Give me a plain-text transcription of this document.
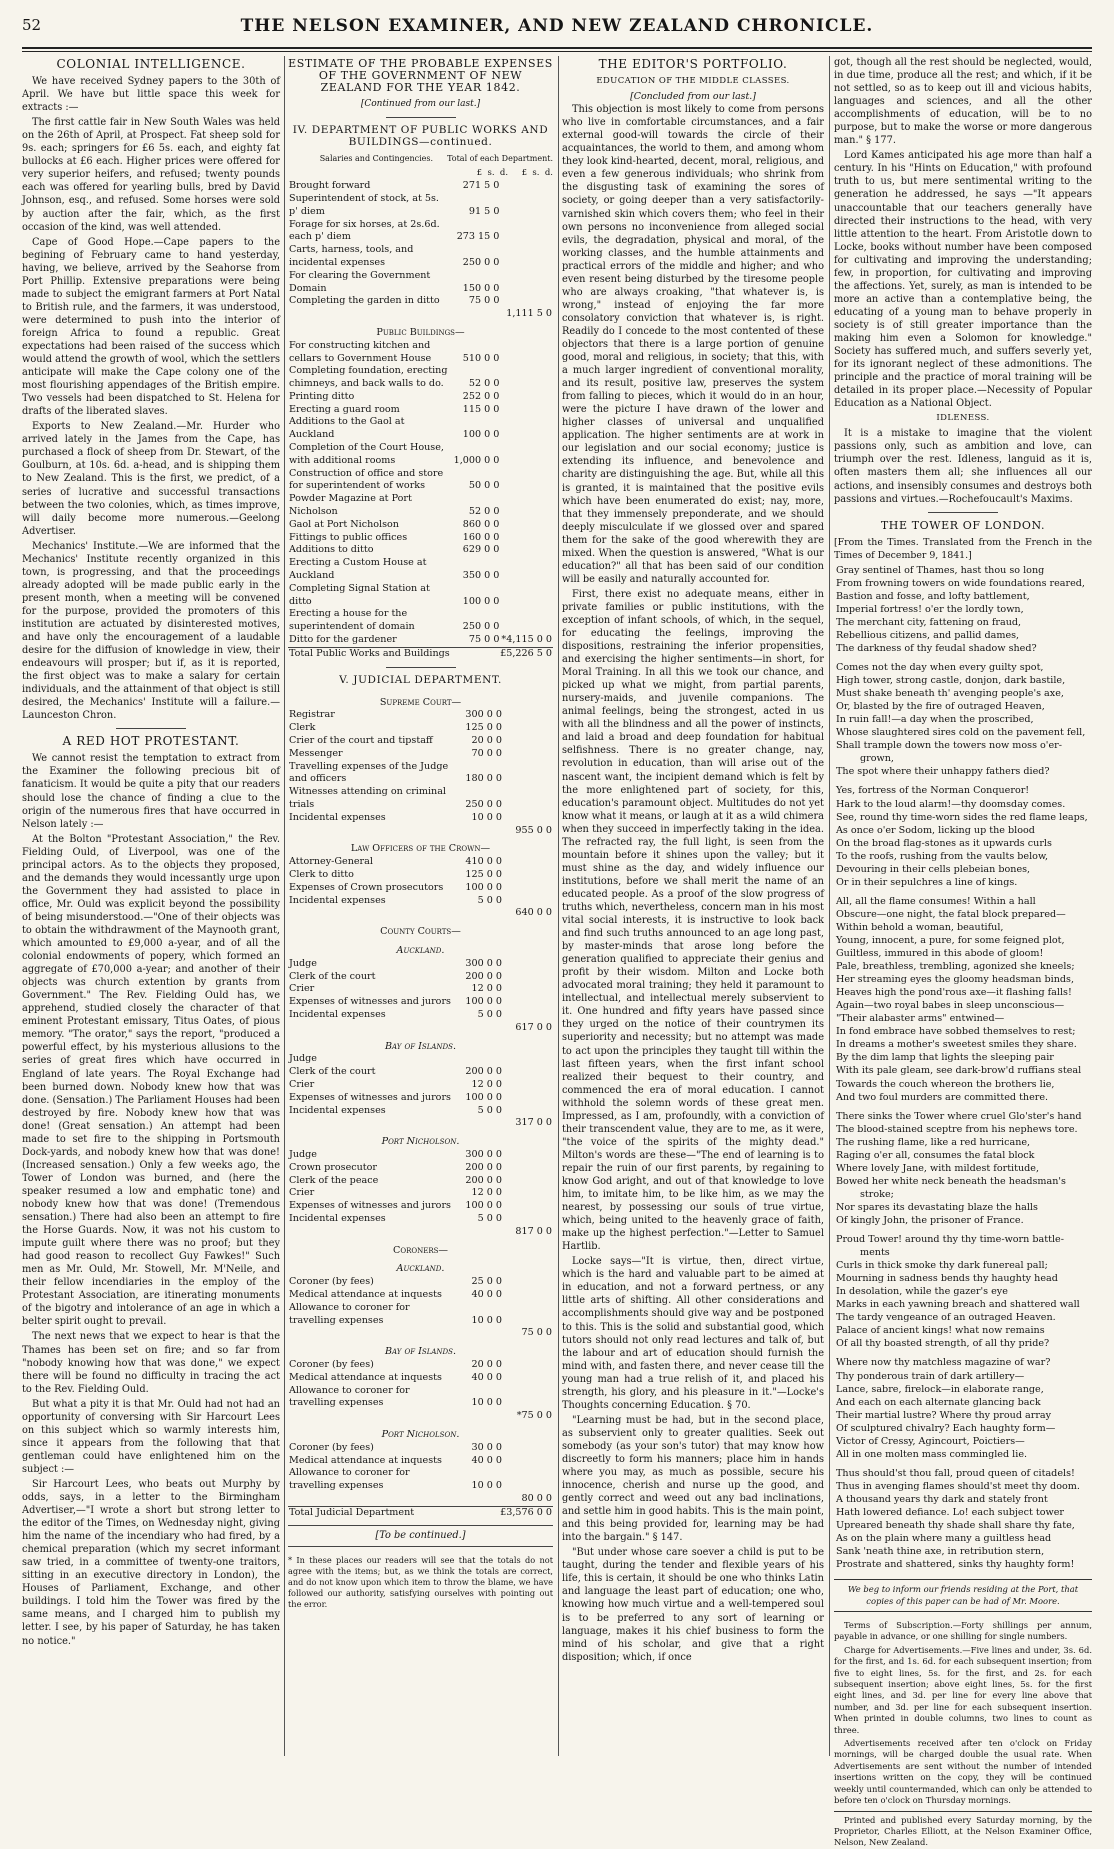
52	THE NELSON EXAMINER, AND NEW ZEALAND CHRONICLE.
COLONIAL INTELLIGENCE.

We have received Sydney papers to the 30th of April. We have but little space this week for extracts :—

The first cattle fair in New South Wales was held on the 26th of April, at Prospect. Fat sheep sold for 9s. each; springers for £6 5s. each, and eighty fat bullocks at £6 each. Higher prices were offered for very superior heifers, and refused; twenty pounds each was offered for yearling bulls, bred by David Johnson, esq., and refused. Some horses were sold by auction after the fair, which, as the first occasion of the kind, was well attended.

Cape of Good Hope.—Cape papers to the begining of February came to hand yesterday, having, we believe, arrived by the Seahorse from Port Phillip. Extensive preparations were being made to subject the emigrant farmers at Port Natal to British rule, and the farmers, it was understood, were determined to push into the interior of foreign Africa to found a republic. Great expectations had been raised of the success which would attend the growth of wool, which the settlers anticipate will make the Cape colony one of the most flourishing appendages of the British empire. Two vessels had been dispatched to St. Helena for drafts of the liberated slaves.

Exports to New Zealand.—Mr. Hurder who arrived lately in the James from the Cape, has purchased a flock of sheep from Dr. Stewart, of the Goulburn, at 10s. 6d. a-head, and is shipping them to New Zealand. This is the first, we predict, of a series of lucrative and successful transactions between the two colonies, which, as times improve, will daily become more numerous.—Geelong Advertiser.

Mechanics' Institute.—We are informed that the Mechanics' Institute recently organized in this town, is progressing, and that the proceedings already adopted will be made public early in the present month, when a meeting will be convened for the purpose, provided the promoters of this institution are actuated by disinterested motives, and have only the encouragement of a laudable desire for the diffusion of knowledge in view, their endeavours will prosper; but if, as it is reported, the first object was to make a salary for certain individuals, and the attainment of that object is still desired, the Mechanics' Institute will a failure.—Launceston Chron.

A RED HOT PROTESTANT.

We cannot resist the temptation to extract from the Examiner the following precious bit of fanaticism. It would be quite a pity that our readers should lose the chance of finding a clue to the origin of the numerous fires that have occurred in Nelson lately :—

At the Bolton "Protestant Association," the Rev. Fielding Ould, of Liverpool, was one of the principal actors. As to the objects they proposed, and the demands they would incessantly urge upon the Government they had assisted to place in office, Mr. Ould was explicit beyond the possibility of being misunderstood.—"One of their objects was to obtain the withdrawment of the Maynooth grant, which amounted to £9,000 a-year, and of all the colonial endowments of popery, which formed an aggregate of £70,000 a-year; and another of their objects was church extention by grants from Government." The Rev. Fielding Ould has, we apprehend, studied closely the character of that eminent Protestant emissary, Titus Oates, of pious memory. "The orator," says the report, "produced a powerful effect, by his mysterious allusions to the series of great fires which have occurred in England of late years. The Royal Exchange had been burned down. Nobody knew how that was done. (Sensation.) The Parliament Houses had been destroyed by fire. Nobody knew how that was done! (Great sensation.) An attempt had been made to set fire to the shipping in Portsmouth Dock-yards, and nobody knew how that was done! (Increased sensation.) Only a few weeks ago, the Tower of London was burned, and (here the speaker resumed a low and emphatic tone) and nobody knew how that was done! (Tremendous sensation.) There had also been an attempt to fire the Horse Guards. Now, it was not his custom to impute guilt where there was no proof; but they had good reason to recollect Guy Fawkes!" Such men as Mr. Ould, Mr. Stowell, Mr. M'Neile, and their fellow incendiaries in the employ of the Protestant Association, are itinerating monuments of the bigotry and intolerance of an age in which a belter spirit ought to prevail.

The next news that we expect to hear is that the Thames has been set on fire; and so far from "nobody knowing how that was done," we expect there will be found no difficulty in tracing the act to the Rev. Fielding Ould.

But what a pity it is that Mr. Ould had not had an opportunity of conversing with Sir Harcourt Lees on this subject which so warmly interests him, since it appears from the following that that gentleman could have enlightened him on the subject :—

Sir Harcourt Lees, who beats out Murphy by odds, says, in a letter to the Birmingham Advertiser,—"I wrote a short but strong letter to the editor of the Times, on Wednesday night, giving him the name of the incendiary who had fired, by a chemical preparation (which my secret informant saw tried, in a committee of twenty-one traitors, sitting in an executive directory in London), the Houses of Parliament, Exchange, and other buildings. I told him the Tower was fired by the same means, and I charged him to publish my letter. I see, by his paper of Saturday, he has taken no notice."

ESTIMATE OF THE PROBABLE EXPENSES OF THE GOVERNMENT OF NEW ZEALAND FOR THE YEAR 1842.
[Continued from our last.]
IV. DEPARTMENT OF PUBLIC WORKS AND BUILDINGS—continued.
Salaries and Contingencies. Total of each Department.
£  s.  d.     £  s.  d.
Brought forward	271 5 0	
Superintendent of stock, at 5s. p' diem	91 5 0	
Forage for six horses, at 2s.6d. each p' diem	273 15 0	
Carts, harness, tools, and incidental expenses	250 0 0	
For clearing the Government Domain	150 0 0	
Completing the garden in ditto	75 0 0	
		1,111 5 0
Public Buildings—		
For constructing kitchen and cellars to Government House	510 0 0	
Completing foundation, erecting chimneys, and back walls to do.	52 0 0	
Printing ditto	252 0 0	
Erecting a guard room	115 0 0	
Additions to the Gaol at Auckland	100 0 0	
Completion of the Court House, with additional rooms	1,000 0 0	
Construction of office and store for superintendent of works	50 0 0	
Powder Magazine at Port Nicholson	52 0 0	
Gaol at Port Nicholson	860 0 0	
Fittings to public offices	160 0 0	
Additions to ditto	629 0 0	
Erecting a Custom House at Auckland	350 0 0	
Completing Signal Station at ditto	100 0 0	
Erecting a house for the superintendent of domain	250 0 0	
Ditto for the gardener	75 0 0	*4,115 0 0
Total Public Works and Buildings	£5,226 5 0
V. JUDICIAL DEPARTMENT.
Supreme Court—		
Registrar	300 0 0	
Clerk	125 0 0	
Crier of the court and tipstaff	20 0 0	
Messenger	70 0 0	
Travelling expenses of the Judge and officers	180 0 0	
Witnesses attending on criminal trials	250 0 0	
Incidental expenses	10 0 0	
		955 0 0
Law Officers of the Crown—		
Attorney-General	410 0 0	
Clerk to ditto	125 0 0	
Expenses of Crown prosecutors	100 0 0	
Incidental expenses	5 0 0	
		640 0 0
County Courts—		
Auckland.		
Judge	300 0 0	
Clerk of the court	200 0 0	
Crier	12 0 0	
Expenses of witnesses and jurors	100 0 0	
Incidental expenses	5 0 0	
		617 0 0
Bay of Islands.		
Judge		
Clerk of the court	200 0 0	
Crier	12 0 0	
Expenses of witnesses and jurors	100 0 0	
Incidental expenses	5 0 0	
		317 0 0
Port Nicholson.		
Judge	300 0 0	
Crown prosecutor	200 0 0	
Clerk of the peace	200 0 0	
Crier	12 0 0	
Expenses of witnesses and jurors	100 0 0	
Incidental expenses	5 0 0	
		817 0 0
Coroners—		
Auckland.		
Coroner (by fees)	25 0 0	
Medical attendance at inquests	40 0 0	
Allowance to coroner for travelling expenses	10 0 0	
		75 0 0
Bay of Islands.		
Coroner (by fees)	20 0 0	
Medical attendance at inquests	40 0 0	
Allowance to coroner for travelling expenses	10 0 0	
		*75 0 0
Port Nicholson.		
Coroner (by fees)	30 0 0	
Medical attendance at inquests	40 0 0	
Allowance to coroner for travelling expenses	10 0 0	
		80 0 0
Total Judicial Department	£3,576 0 0
[To be continued.]
* In these places our readers will see that the totals do not agree with the items; but, as we think the totals are correct, and do not know upon which item to throw the blame, we have followed our authority, satisfying ourselves with pointing out the error.
THE EDITOR'S PORTFOLIO.
EDUCATION OF THE MIDDLE CLASSES.
[Concluded from our last.]

This objection is most likely to come from persons who live in comfortable circumstances, and a fair external good-will towards the circle of their acquaintances, the world to them, and among whom they look kind-hearted, decent, moral, religious, and even a few generous individuals; who shrink from the disgusting task of examining the sores of society, or going deeper than a very satisfactorily-varnished skin which covers them; who feel in their own persons no inconvenience from alleged social evils, the degradation, physical and moral, of the working classes, and the humble attainments and practical errors of the middle and higher; and who even resent being disturbed by the tiresome people who are always croaking, "that whatever is, is wrong," instead of enjoying the far more consolatory conviction that whatever is, is right. Readily do I concede to the most contented of these objectors that there is a large portion of genuine good, moral and religious, in society; that this, with a much larger ingredient of conventional morality, and its result, positive law, preserves the system from falling to pieces, which it would do in an hour, were the picture I have drawn of the lower and higher classes of universal and unqualified application. The higher sentiments are at work in our legislation and our social economy; justice is extending its influence, and benevolence and charity are distinguishing the age. But, while all this is granted, it is maintained that the positive evils which have been enumerated do exist; nay, more, that they immensely preponderate, and we should deeply misculculate if we glossed over and spared them for the sake of the good wherewith they are mixed. When the question is answered, "What is our education?" all that has been said of our condition will be easily and naturally accounted for.

First, there exist no adequate means, either in private families or public institutions, with the exception of infant schools, of which, in the sequel, for educating the feelings, improving the dispositions, restraining the inferior propensities, and exercising the higher sentiments—in short, for Moral Training. In all this we took our chance, and picked up what we might, from partial parents, nursery-maids, and juvenile companions. The animal feelings, being the strongest, acted in us with all the blindness and all the power of instincts, and laid a broad and deep foundation for habitual selfishness. There is no greater change, nay, revolution in education, than will arise out of the nascent want, the incipient demand which is felt by the more enlightened part of society, for this, education's paramount object. Multitudes do not yet know what it means, or laugh at it as a wild chimera when they succeed in imperfectly taking in the idea. The refracted ray, the full light, is seen from the mountain before it shines upon the valley; but it must shine as the day, and widely influence our institutions, before we shall merit the name of an educated people. As a proof of the slow progress of truths which, nevertheless, concern man in his most vital social interests, it is instructive to look back and find such truths announced to an age long past, by master-minds that arose long before the generation qualified to appreciate their genius and profit by their wisdom. Milton and Locke both advocated moral training; they held it paramount to intellectual, and intellectual merely subservient to it. One hundred and fifty years have passed since they urged on the notice of their countrymen its superiority and necessity; but no attempt was made to act upon the principles they taught till within the last fifteen years, when the first infant school realized their bequest to their country, and commenced the era of moral education. I cannot withhold the solemn words of these great men. Impressed, as I am, profoundly, with a conviction of their transcendent value, they are to me, as it were, "the voice of the spirits of the mighty dead." Milton's words are these—"The end of learning is to repair the ruin of our first parents, by regaining to know God aright, and out of that knowledge to love him, to imitate him, to be like him, as we may the nearest, by possessing our souls of true virtue, which, being united to the heavenly grace of faith, make up the highest perfection."—Letter to Samuel Hartlib.

Locke says—"It is virtue, then, direct virtue, which is the hard and valuable part to be aimed at in education, and not a forward pertness, or any little arts of shifting. All other considerations and accomplishments should give way and be postponed to this. This is the solid and substantial good, which tutors should not only read lectures and talk of, but the labour and art of education should furnish the mind with, and fasten there, and never cease till the young man had a true relish of it, and placed his strength, his glory, and his pleasure in it."—Locke's Thoughts concerning Education. § 70.

"Learning must be had, but in the second place, as subservient only to greater qualities. Seek out somebody (as your son's tutor) that may know how discreetly to form his manners; place him in hands where you may, as much as possible, secure his innocence, cherish and nurse up the good, and gently correct and weed out any bad inclinations, and settle him in good habits. This is the main point, and this being provided for, learning may be had into the bargain." § 147.

"But under whose care soever a child is put to be taught, during the tender and flexible years of his life, this is certain, it should be one who thinks Latin and language the least part of education; one who, knowing how much virtue and a well-tempered soul is to be preferred to any sort of learning or language, makes it his chief business to form the mind of his scholar, and give that a right disposition; which, if once

got, though all the rest should be neglected, would, in due time, produce all the rest; and which, if it be not settled, so as to keep out ill and vicious habits, languages and sciences, and all the other accomplishments of education, will be to no purpose, but to make the worse or more dangerous man." § 177.

Lord Kames anticipated his age more than half a century. In his "Hints on Education," with profound truth to us, but mere sentimental writing to the generation he addressed, he says —"It appears unaccountable that our teachers generally have directed their instructions to the head, with very little attention to the heart. From Aristotle down to Locke, books without number have been composed for cultivating and improving the understanding; few, in proportion, for cultivating and improving the affections. Yet, surely, as man is intended to be more an active than a contemplative being, the educating of a young man to behave properly in society is of still greater importance than the making him even a Solomon for knowledge." Society has suffered much, and suffers severly yet, for its ignorant neglect of these admonitions. The principle and the practice of moral training will be detailed in its proper place.—Necessity of Popular Education as a National Object.

IDLENESS.

It is a mistake to imagine that the violent passions only, such as ambition and love, can triumph over the rest. Idleness, languid as it is, often masters them all; she influences all our actions, and insensibly consumes and destroys both passions and virtues.—Rochefoucault's Maxims.

THE TOWER OF LONDON.

[From the Times. Translated from the French in the Times of December 9, 1841.]

Gray sentinel of Thames, hast thou so long
From frowning towers on wide foundations reared,
Bastion and fosse, and lofty battlement,
Imperial fortress! o'er the lordly town,
The merchant city, fattening on fraud,
Rebellious citizens, and pallid dames,
The darkness of thy feudal shadow shed?
Comes not the day when every guilty spot,
High tower, strong castle, donjon, dark bastile,
Must shake beneath th' avenging people's axe,
Or, blasted by the fire of outraged Heaven,
In ruin fall!—a day when the proscribed,
Whose slaughtered sires cold on the pavement fell,
Shall trample down the towers now moss o'er-
grown,
The spot where their unhappy fathers died?
Yes, fortress of the Norman Conqueror!
Hark to the loud alarm!—thy doomsday comes.
See, round thy time-worn sides the red flame leaps,
As once o'er Sodom, licking up the blood
On the broad flag-stones as it upwards curls
To the roofs, rushing from the vaults below,
Devouring in their cells plebeian bones,
Or in their sepulchres a line of kings.
All, all the flame consumes! Within a hall
Obscure—one night, the fatal block prepared—
Within behold a woman, beautiful,
Young, innocent, a pure, for some feigned plot,
Guiltless, immured in this abode of gloom!
Pale, breathless, trembling, agonized she kneels;
Her streaming eyes the gloomy headsman binds,
Heaves high the pond'rous axe—it flashing falls!
Again—two royal babes in sleep unconscious—
"Their alabaster arms" entwined—
In fond embrace have sobbed themselves to rest;
In dreams a mother's sweetest smiles they share.
By the dim lamp that lights the sleeping pair
With its pale gleam, see dark-brow'd ruffians steal
Towards the couch whereon the brothers lie,
And two foul murders are committed there.
There sinks the Tower where cruel Glo'ster's hand
The blood-stained sceptre from his nephews tore.
The rushing flame, like a red hurricane,
Raging o'er all, consumes the fatal block
Where lovely Jane, with mildest fortitude,
Bowed her white neck beneath the headsman's
stroke;
Nor spares its devastating blaze the halls
Of kingly John, the prisoner of France.
Proud Tower! around thy thy time-worn battle-
ments
Curls in thick smoke thy dark funereal pall;
Mourning in sadness bends thy haughty head
In desolation, while the gazer's eye
Marks in each yawning breach and shattered wall
The tardy vengeance of an outraged Heaven.
Palace of ancient kings! what now remains
Of all thy boasted strength, of all thy pride?
Where now thy matchless magazine of war?
Thy ponderous train of dark artillery—
Lance, sabre, firelock—in elaborate range,
And each on each alternate glancing back
Their martial lustre? Where thy proud array
Of sculptured chivalry? Each haughty form—
Victor of Cressy, Agincourt, Poictiers—
All in one molten mass commingled lie.
Thus should'st thou fall, proud queen of citadels!
Thus in avenging flames should'st meet thy doom.
A thousand years thy dark and stately front
Hath lowered defiance. Lo! each subject tower
Upreared beneath thy shade shall share thy fate,
As on the plain where many a guiltless head
Sank 'neath thine axe, in retribution stern,
Prostrate and shattered, sinks thy haughty form!
We beg to inform our friends residing at the Port, that copies of this paper can be had of Mr. Moore.

Terms of Subscription.—Forty shillings per annum, payable in advance, or one shilling for single numbers.

Charge for Advertisements.—Five lines and under, 3s. 6d. for the first, and 1s. 6d. for each subsequent insertion; from five to eight lines, 5s. for the first, and 2s. for each subsequent insertion; above eight lines, 5s. for the first eight lines, and 3d. per line for every line above that number, and 3d. per line for each subsequent insertion. When printed in double columns, two lines to count as three.

Advertisements received after ten o'clock on Friday mornings, will be charged double the usual rate. When Advertisements are sent without the number of intended insertions written on the copy, they will be continued weekly until countermanded, which can only be attended to before ten o'clock on Thursday mornings.

Printed and published every Saturday morning, by the Proprietor, Charles Elliott, at the Nelson Examiner Office, Nelson, New Zealand.
